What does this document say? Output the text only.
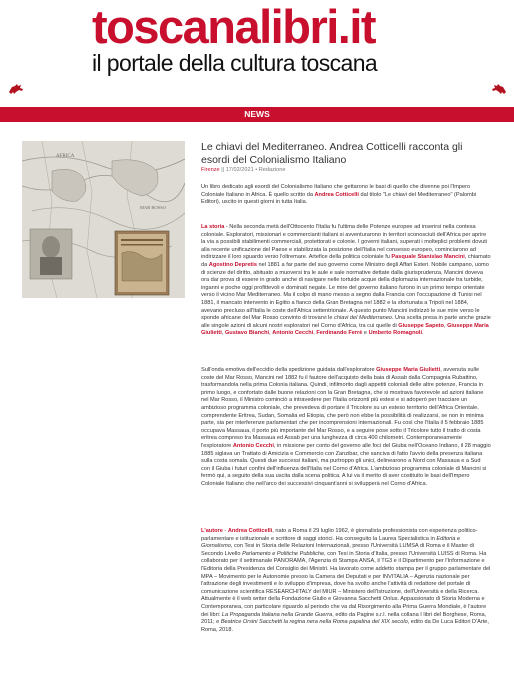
toscanalibri.it
il portale della cultura toscana
NEWS
AFRICA
MAR ROSSO
Le chiavi del Mediterraneo. Andrea Cotticelli racconta gli esordi del Colonialismo Italiano
Firenze || 17/02/2021 • Redazione
Un libro dedicato agli esordi del Colonialismo Italiano che gettarono le basi di quello che divenne poi l'Impero Coloniale Italiano in Africa. È quello scritto da Andrea Cotticelli dal titolo "Le chiavi del Mediterraneo" (Palombi Editori), uscito in questi giorni in tutta Italia.
La storia - Nella seconda metà dell'Ottocento l'Italia fu l'ultima delle Potenze europee ad inserirsi nella contesa coloniale. Esploratori, missionari e commercianti italiani si avventurarono in territori sconosciuti dell'Africa per aprire la via a possibili stabilimenti commerciali, protettorati e colonie. I governi italiani, superati i molteplici problemi dovuti alla recente unificazione del Paese e stabilizzata la posizione dell'Italia nel consesso europeo, cominciarono ad indirizzare il loro sguardo verso l'oltremare. Artefice della politica coloniale fu Pasquale Stanislao Mancini, chiamato da Agostino Depretis nel 1881 a far parte del suo governo come Ministro degli Affari Esteri. Nobile campano, uomo di scienze del diritto, abituato a muoversi tra le aule e sale normative dettate dalla giurisprudenza, Mancini doveva ora dar prova di essere in grado anche di navigare nelle tortuide acque della diplomazia internazionale tra turbide, inganni e poche oggi profittevoli e dominati negate. Le mire del governo italiano furono in un primo tempo orientate verso il vicino Mar Mediterraneo. Ma il colpo di mano messo a segno dalla Francia con l'occupazione di Tunisi nel 1881, il mancato intervento in Egitto a fianco della Gran Bretagna nel 1882 e la sfortunata a Tripoli nel 1884, avevano precluso all'Italia le coste dell'Africa settentrionale. A questo punto Mancini indirizzò le sue mire verso le sponde africane del Mar Rosso convinto di trovarvi le chiavi del Mediterraneo. Una scelta presa in parte anche grazie alle singole azioni di alcuni nostri esploratori nel Corno d'Africa, tra cui quelle di Giuseppe Sapeto, Giuseppe Maria Giulietti, Gustavo Bianchi, Antonio Cecchi, Ferdinando Ferrè e Umberto Romagnoli.
Sull'onda emotiva dell'eccidio della spedizione guidata dall'esploratore Giuseppe Maria Giulietti, avvenuta sulle coste del Mar Rosso, Mancini nel 1882 fu il fautore dell'acquisto della baia di Assab dalla Compagnia Rubattino, trasformandola nella prima Colonia italiana. Quindi, infilmorito dagli appetiti coloniali delle altre potenze, Francia in primo luogo, e confortato dalle buone relazioni con la Gran Bretagna, che si mostrava favorevole ad azioni italiane nel Mar Rosso, il Ministro cominciò a intravedere per l'Italia orizzonti più estesi e si adoperò per tracciare un ambizioso programma coloniale, che prevedeva di portare il Tricolore su un esteso territorio dell'Africa Orientale, comprendente Eritrea, Sudan, Somalia ed Etiopia, che però non ebbe la possibilità di realizzarsi, se non in minima parte, sia per interferenze parlamentari che per incomprensioni internazionali. Fu così che l'Italia il 5 febbraio 1885 occupava Massaua, il porto più importante del Mar Rosso, e a seguire pose sotto il Tricolore tutto il tratto di costa eritrea compreso tra Massaua ed Assab per una lunghezza di circa 400 chilometri. Contemporaneamente l'esploratore Antonio Cecchi, in missione per conto del governo alle foci del Giuba nell'Oceano Indiano, il 28 maggio 1885 siglava un Trattato di Amicizia e Commercio con Zanzibar, che sanciva di fatto l'avvio della presenza italiana sulla costa somala. Questi due successi italiani, ma purtroppo gli unici, delinearono a Nord con Massaua e a Sud con il Giuba i futuri confini dell'influenza dell'Italia nel Corno d'Africa. L'ambizioso programma coloniale di Mancini si fermò qui, a seguito della sua uscita dalla scena politica. A lui va il merito di aver costituito le basi dell'Impero Coloniale Italiano che nell'arco dei successivi cinquant'anni si svilupperà nel Corno d'Africa.
L'autore - Andrea Cotticelli, nato a Roma il 29 luglio 1962, è giornalista professionista con esperienza politico-parlamentare e istituzionale e scrittore di saggi storici. Ha conseguito la Laurea Specialistica in Editoria e Giornalismo, con Tesi in Storia delle Relazioni Internazionali, presso l'Università LUMSA di Roma e il Master di Secondo Livello Parlamento e Politiche Pubbliche, con Tesi in Storia d'Italia, presso l'Università LUISS di Roma. Ha collaborato per il settimanale PANORAMA, l'Agenzia di Stampa ANSA, il TG3 e il Dipartimento per l'Informazione e l'Editoria della Presidenza del Consiglio dei Ministri. Ha lavorato come addetto stampa per il gruppo parlamentare del MPA – Movimento per le Autonomie presso la Camera dei Deputati e per INVITALIA – Agenzia nazionale per l'attrazione degli investimenti e lo sviluppo d'impresa, dove ha svolto anche l'attività di redattore del portale di comunicazione scientifica RESEARCHITALY del MIUR – Ministero dell'Istruzione, dell'Università e della Ricerca. Attualmente è il web writer della Fondazione Giulio e Giovanna Sacchetti Onlus. Appassionato di Storia Moderna e Contemporanea, con particolare riguardo al periodo che va dal Risorgimento alla Prima Guerra Mondiale, è l'autore dei libri: La Propaganda Italiana nella Grande Guerra, edito da Pagine s.r.l. nella collana I libri del Borghese, Roma, 2011; e Beatrice Orsini Sacchetti la regina nera nella Roma papalina del XIX secolo, edito da De Luca Editori D'Arte, Roma, 2018.
